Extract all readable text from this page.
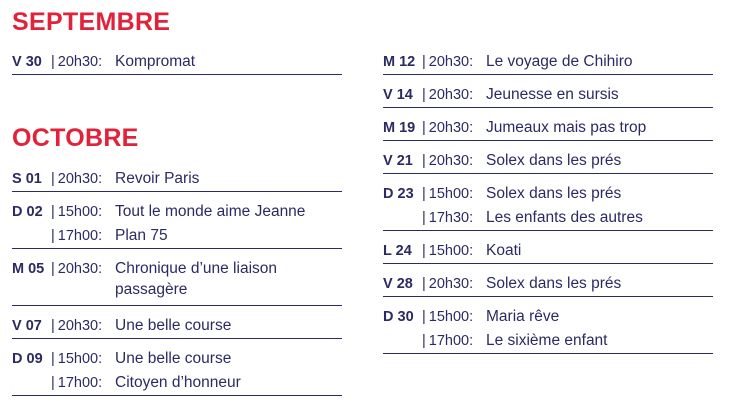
SEPTEMBRE
OCTOBRE
V 30 | 20h30: Kompromat
S 01 | 20h30: Revoir Paris
D 02 | 15h00: Tout le monde aime Jeanne
| 17h00: Plan 75
M 05 | 20h30: Chronique d’une liaison passagère
V 07 | 20h30: Une belle course
D 09 | 15h00: Une belle course
| 17h00: Citoyen d’honneur
M 12 | 20h30: Le voyage de Chihiro
V 14 | 20h30: Jeunesse en sursis
M 19 | 20h30: Jumeaux mais pas trop
V 21 | 20h30: Solex dans les prés
D 23 | 15h00: Solex dans les prés
| 17h30: Les enfants des autres
L 24 | 15h00: Koati
V 28 | 20h30: Solex dans les prés
D 30 | 15h00: Maria rêve
| 17h00: Le sixième enfant
